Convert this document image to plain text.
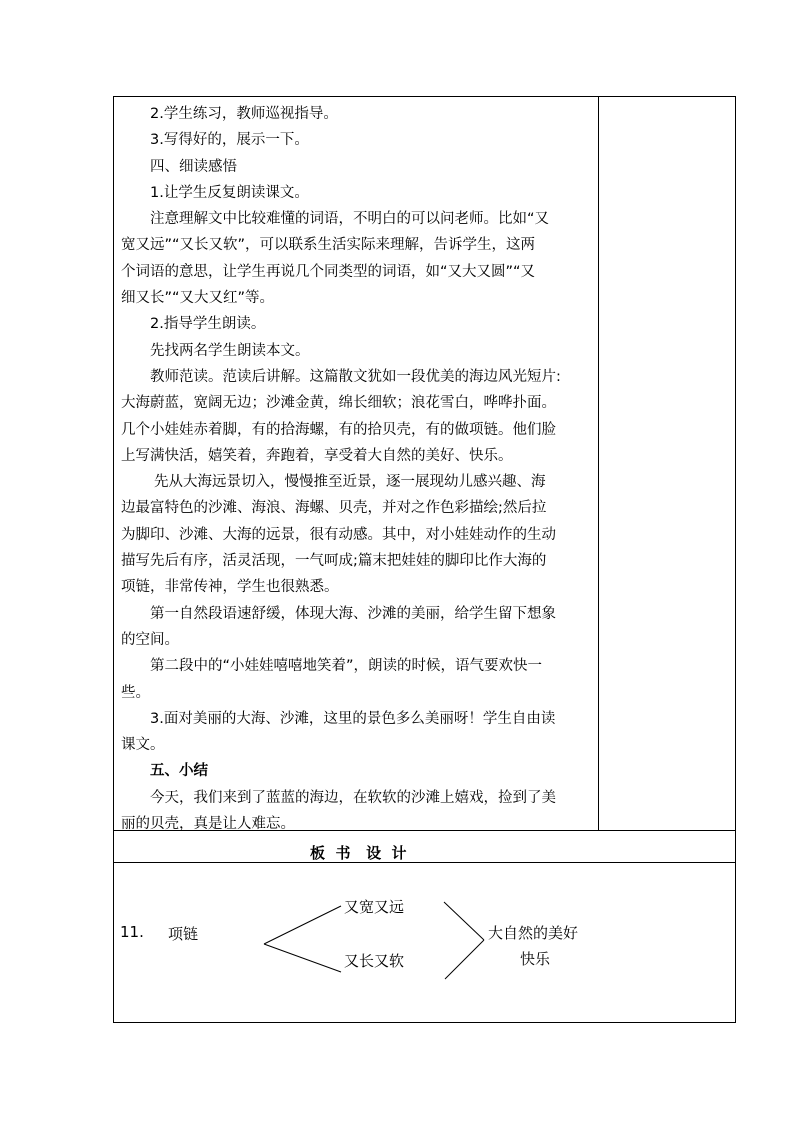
2.学生练习，教师巡视指导。

3.写得好的，展示一下。

四、细读感悟

1.让学生反复朗读课文。

注意理解文中比较难懂的词语，不明白的可以问老师。比如“又

宽又远”“又长又软”，可以联系生活实际来理解，告诉学生，这两

个词语的意思，让学生再说几个同类型的词语，如“又大又圆”“又

细又长”“又大又红”等。

2.指导学生朗读。

先找两名学生朗读本文。

教师范读。范读后讲解。这篇散文犹如一段优美的海边风光短片:

大海蔚蓝，宽阔无边；沙滩金黄，绵长细软；浪花雪白，哗哗扑面。

几个小娃娃赤着脚，有的拾海螺，有的拾贝壳，有的做项链。他们脸

上写满快活，嬉笑着，奔跑着，享受着大自然的美好、快乐。

先从大海远景切入，慢慢推至近景，逐一展现幼儿感兴趣、海

边最富特色的沙滩、海浪、海螺、贝壳，并对之作色彩描绘;然后拉

为脚印、沙滩、大海的远景，很有动感。其中，对小娃娃动作的生动

描写先后有序，活灵活现，一气呵成;篇末把娃娃的脚印比作大海的

项链，非常传神，学生也很熟悉。

第一自然段语速舒缓，体现大海、沙滩的美丽，给学生留下想象

的空间。

第二段中的“小娃娃嘻嘻地笑着”，朗读的时候，语气要欢快一

些。

3.面对美丽的大海、沙滩，这里的景色多么美丽呀！学生自由读

课文。

五、小结

今天，我们来到了蓝蓝的海边，在软软的沙滩上嬉戏，捡到了美

丽的贝壳，真是让人难忘。

板  书   设  计
11. 项链
又宽又远
又长又软
大自然的美好
快乐
